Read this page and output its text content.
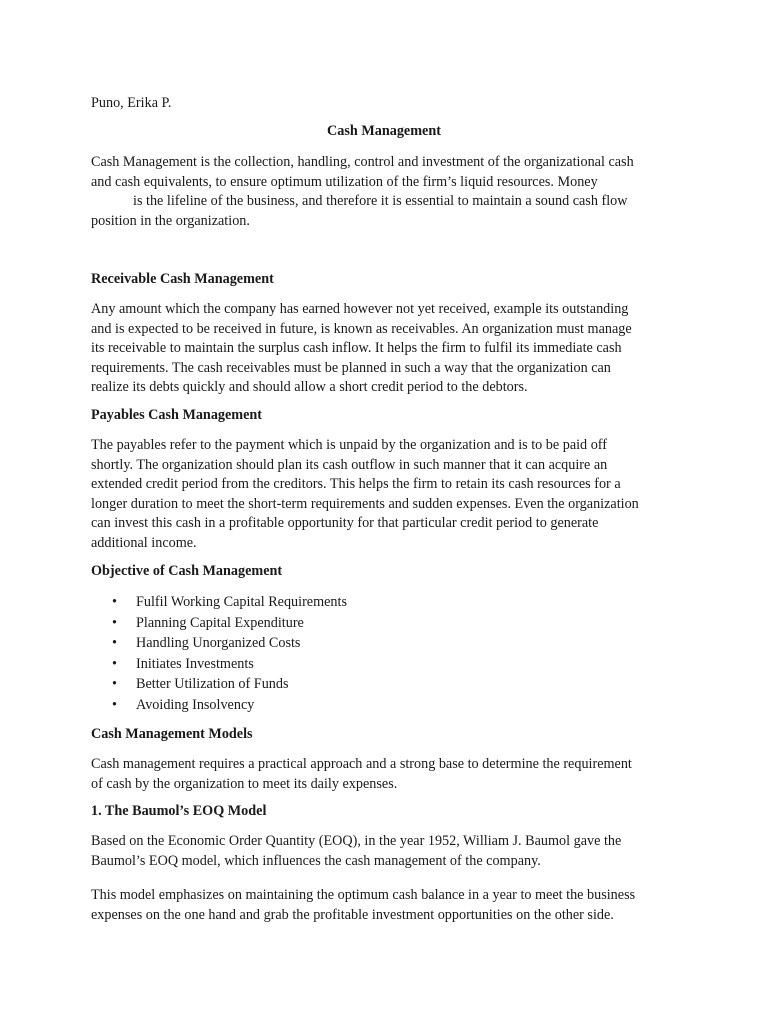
Puno, Erika P.
Cash Management
Cash Management is the collection, handling, control and investment of the organizational cash
and cash equivalents, to ensure optimum utilization of the firm’s liquid resources. Money
is the lifeline of the business, and therefore it is essential to maintain a sound cash flow
position in the organization.
Receivable Cash Management
Any amount which the company has earned however not yet received, example its outstanding
and is expected to be received in future, is known as receivables. An organization must manage
its receivable to maintain the surplus cash inflow. It helps the firm to fulfil its immediate cash
requirements. The cash receivables must be planned in such a way that the organization can
realize its debts quickly and should allow a short credit period to the debtors.
Payables Cash Management
The payables refer to the payment which is unpaid by the organization and is to be paid off
shortly. The organization should plan its cash outflow in such manner that it can acquire an
extended credit period from the creditors. This helps the firm to retain its cash resources for a
longer duration to meet the short-term requirements and sudden expenses. Even the organization
can invest this cash in a profitable opportunity for that particular credit period to generate
additional income.
Objective of Cash Management
• Fulfil Working Capital Requirements
• Planning Capital Expenditure
• Handling Unorganized Costs
• Initiates Investments
• Better Utilization of Funds
• Avoiding Insolvency
Cash Management Models
Cash management requires a practical approach and a strong base to determine the requirement
of cash by the organization to meet its daily expenses.
1. The Baumol’s EOQ Model
Based on the Economic Order Quantity (EOQ), in the year 1952, William J. Baumol gave the
Baumol’s EOQ model, which influences the cash management of the company.
This model emphasizes on maintaining the optimum cash balance in a year to meet the business
expenses on the one hand and grab the profitable investment opportunities on the other side.
